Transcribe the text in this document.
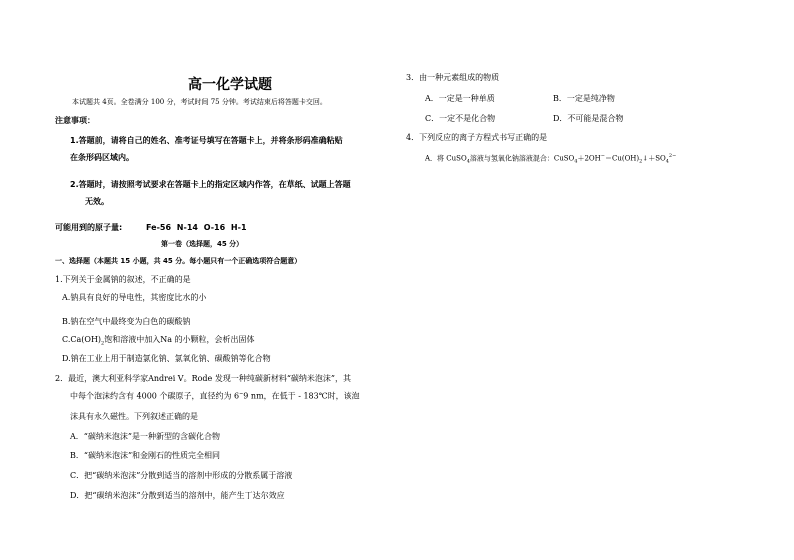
高一化学试题
本试题共 4页。全卷满分 100 分，考试时间 75 分钟。考试结束后将答题卡交回。
注意事项：
1.答题前，请将自己的姓名、准考证号填写在答题卡上，并将条形码准确粘贴
在条形码区域内。
2.答题时，请按照考试要求在答题卡上的指定区域内作答，在草纸、试题上答题
无效。
可能用到的原子量:	Fe-56 N-14 O-16 H-1
第一卷（选择题，45 分）
一、选择题（本题共 15 小题，共 45 分。每小题只有一个正确选项符合题意）
1.下列关于金属钠的叙述，不正确的是
A.钠具有良好的导电性，其密度比水的小
B.钠在空气中最终变为白色的碳酸钠
$C.Ca(OH)_2$饱和溶液中加入Na 的小颗粒，会析出固体
D.钠在工业上用于制造氯化钠、氯氧化钠、碳酸钠等化合物
2．最近，澳大利亚科学家Andrei V。Rode 发现一种纯碳新材料“碳纳米泡沫”，其
中每个泡沫约含有 4000 个碳原子，直径约为 6~9 nm，在低于 - 183℃时，该泡
沫具有永久磁性。下列叙述正确的是
A．“碳纳米泡沫”是一种新型的含碳化合物
B．“碳纳米泡沫”和金刚石的性质完全相同
C．把“碳纳米泡沫”分散到适当的溶剂中形成的分散系属于溶液
D．把“碳纳米泡沫”分散到适当的溶剂中，能产生丁达尔效应
3．由一种元素组成的物质
A．一定是一种单质	B．一定是纯净物
C．一定不是化合物	D．不可能是混合物
4．下列反应的离子方程式书写正确的是
A．将 CuSO$_4$溶液与氢氧化钠溶液混合：$CuSO_4+2OH^-=Cu(OH)_2↓+SO_4^{2-}$
